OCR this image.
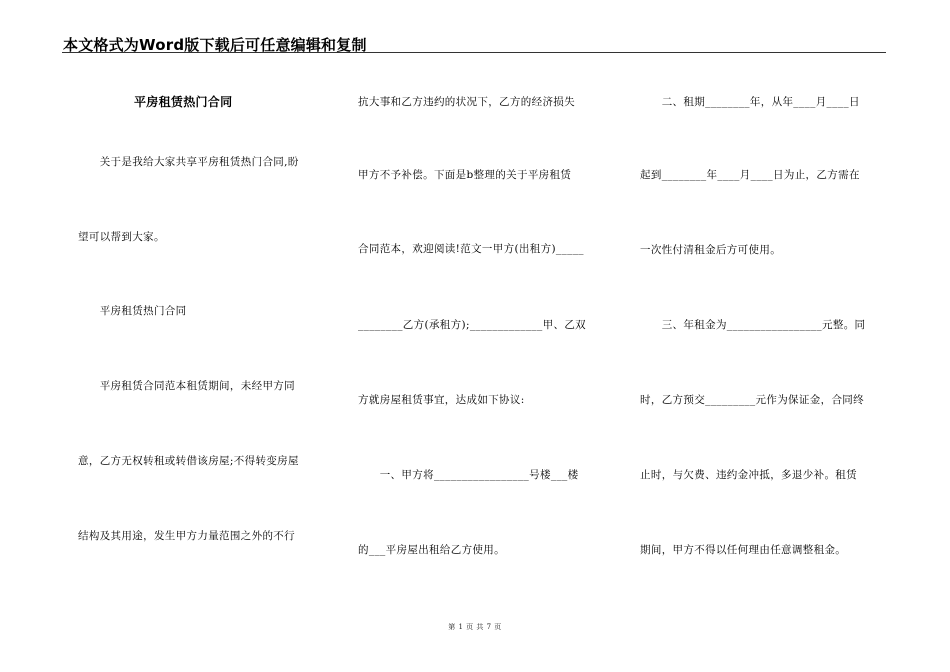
本文格式为Word版下载后可任意编辑和复制
平房租赁热门合同
　　关于是我给大家共享平房租赁热门合同,盼
望可以帮到大家。
　　平房租赁热门合同
　　平房租赁合同范本租赁期间，未经甲方同
意，乙方无权转租或转借该房屋;不得转变房屋
结构及其用途，发生甲方力量范围之外的不行
抗大事和乙方违约的状况下，乙方的经济损失
甲方不予补偿。下面是b整理的关于平房租赁
合同范本，欢迎阅读!范文一甲方(出租方)_____
________乙方(承租方);_____________甲、乙双
方就房屋租赁事宜，达成如下协议:
　　一、甲方将_________________号楼___楼
的___平房屋出租给乙方使用。
　　二、租期________年，从年____月____日
起到________年____月____日为止，乙方需在
一次性付清租金后方可使用。
　　三、年租金为_________________元整。同
时，乙方预交_________元作为保证金，合同终
止时，与欠费、违约金冲抵，多退少补。租赁
期间，甲方不得以任何理由任意调整租金。
第 1 页 共 7 页
